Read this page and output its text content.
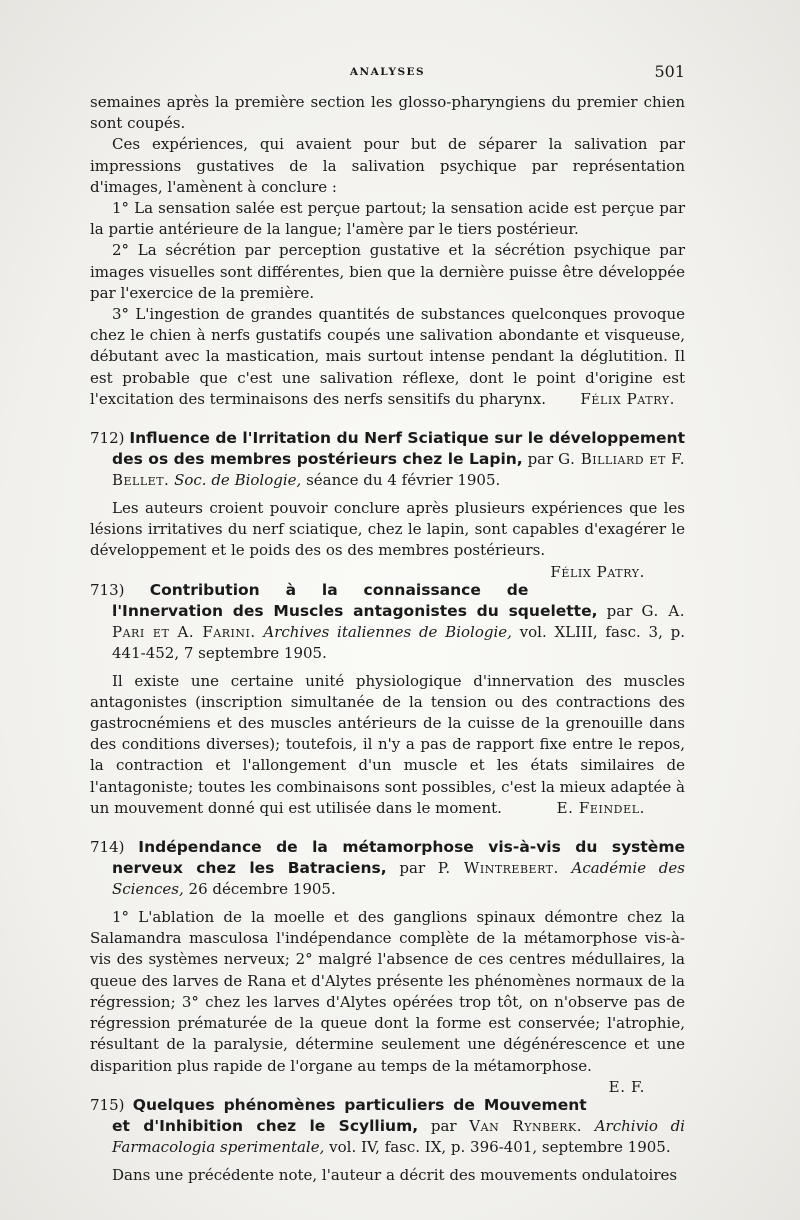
ANALYSES	501

semaines après la première section les glosso-pharyngiens du premier chien sont coupés.

Ces expériences, qui avaient pour but de séparer la salivation par impressions gustatives de la salivation psychique par représentation d'images, l'amènent à conclure :

1° La sensation salée est perçue partout; la sensation acide est perçue par la partie antérieure de la langue; l'amère par le tiers postérieur.

2° La sécrétion par perception gustative et la sécrétion psychique par images visuelles sont différentes, bien que la dernière puisse être développée par l'exercice de la première.

3° L'ingestion de grandes quantités de substances quelconques provoque chez le chien à nerfs gustatifs coupés une salivation abondante et visqueuse, débutant avec la mastication, mais surtout intense pendant la déglutition. Il est probable que c'est une salivation réflexe, dont le point d'origine est l'excitation des terminaisons des nerfs sensitifs du pharynx.	Félix Patry.

712) Influence de l'Irritation du Nerf Sciatique sur le développement des os des membres postérieurs chez le Lapin, par G. Billiard et F. Bellet. Soc. de Biologie, séance du 4 février 1905.

Les auteurs croient pouvoir conclure après plusieurs expériences que les lésions irritatives du nerf sciatique, chez le lapin, sont capables d'exagérer le développement et le poids des os des membres postérieurs.
Félix Patry.

713) Contribution à la connaissance de l'Innervation des Muscles antagonistes du squelette, par G. A. Pari et A. Farini. Archives italiennes de Biologie, vol. XLIII, fasc. 3, p. 441-452, 7 septembre 1905.

Il existe une certaine unité physiologique d'innervation des muscles antagonistes (inscription simultanée de la tension ou des contractions des gastrocnémiens et des muscles antérieurs de la cuisse de la grenouille dans des conditions diverses); toutefois, il n'y a pas de rapport fixe entre le repos, la contraction et l'allongement d'un muscle et les états similaires de l'antagoniste; toutes les combinaisons sont possibles, c'est la mieux adaptée à un mouvement donné qui est utilisée dans le moment.	E. Feindel.

714) Indépendance de la métamorphose vis-à-vis du système nerveux chez les Batraciens, par P. Wintrebert. Académie des Sciences, 26 décembre 1905.

1° L'ablation de la moelle et des ganglions spinaux démontre chez la Salamandra masculosa l'indépendance complète de la métamorphose vis-à-vis des systèmes nerveux; 2° malgré l'absence de ces centres médullaires, la queue des larves de Rana et d'Alytes présente les phénomènes normaux de la régression; 3° chez les larves d'Alytes opérées trop tôt, on n'observe pas de régression prématurée de la queue dont la forme est conservée; l'atrophie, résultant de la paralysie, détermine seulement une dégénérescence et une disparition plus rapide de l'organe au temps de la métamorphose.
E. F.

715) Quelques phénomènes particuliers de Mouvement et d'Inhibition chez le Scyllium, par Van Rynberk. Archivio di Farmacologia sperimentale, vol. IV, fasc. IX, p. 396-401, septembre 1905.

Dans une précédente note, l'auteur a décrit des mouvements ondulatoires
